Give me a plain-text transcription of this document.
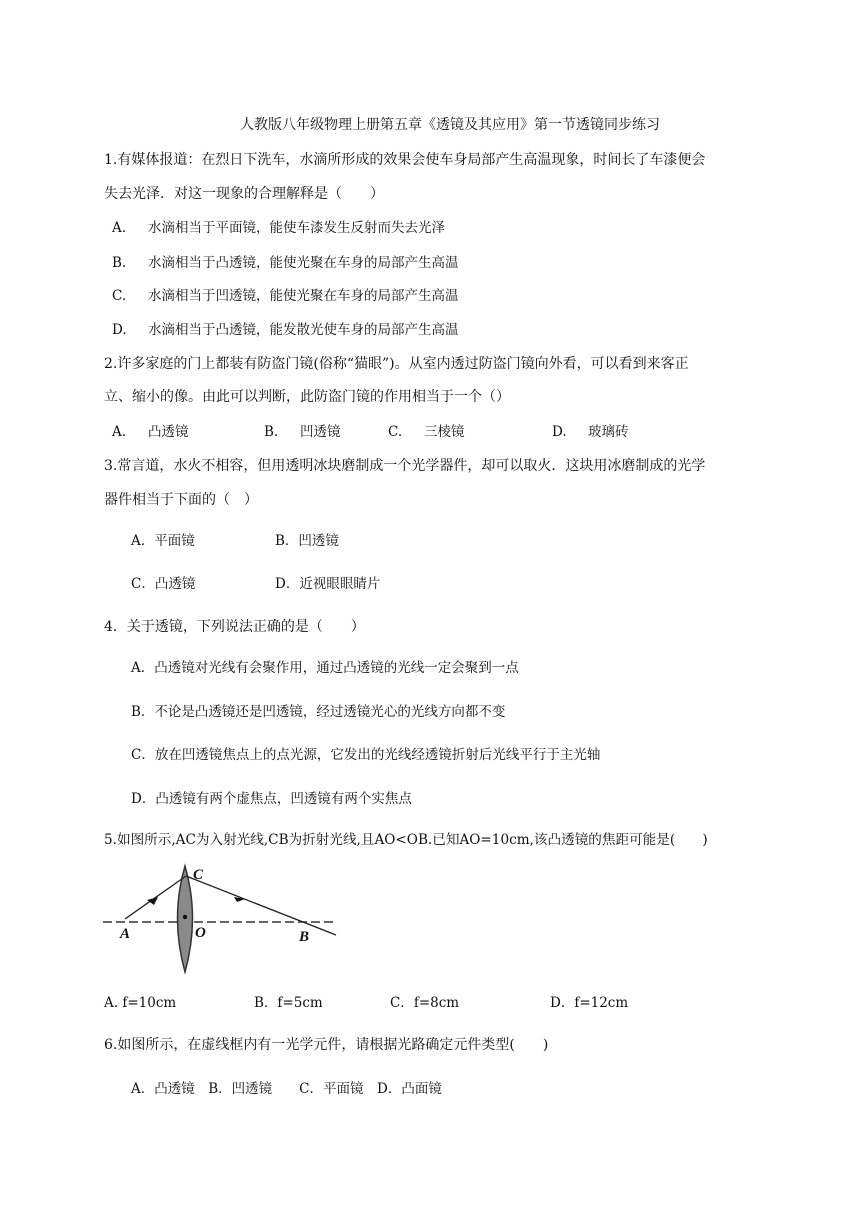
人教版八年级物理上册第五章《透镜及其应用》第一节透镜同步练习
1.有媒体报道：在烈日下洗车，水滴所形成的效果会使车身局部产生高温现象，时间长了车漆便会
失去光泽．对这一现象的合理解释是（　　）
A. 水滴相当于平面镜，能使车漆发生反射而失去光泽
B. 水滴相当于凸透镜，能使光聚在车身的局部产生高温
C. 水滴相当于凹透镜，能使光聚在车身的局部产生高温
D. 水滴相当于凸透镜，能发散光使车身的局部产生高温
2.许多家庭的门上都装有防盗门镜(俗称“猫眼”)。从室内透过防盗门镜向外看，可以看到来客正
立、缩小的像。由此可以判断，此防盗门镜的作用相当于一个（）
A. 凸透镜	B. 凹透镜	C. 三棱镜	D. 玻璃砖
3.常言道，水火不相容，但用透明冰块磨制成一个光学器件，却可以取火．这块用冰磨制成的光学
器件相当于下面的（　）
A．平面镜	B．凹透镜
C．凸透镜	D．近视眼眼睛片
4．关于透镜，下列说法正确的是（　　）
A．凸透镜对光线有会聚作用，通过凸透镜的光线一定会聚到一点
B．不论是凸透镜还是凹透镜，经过透镜光心的光线方向都不变
C．放在凹透镜焦点上的点光源，它发出的光线经透镜折射后光线平行于主光轴
D．凸透镜有两个虚焦点，凹透镜有两个实焦点
5.如图所示,AC为入射光线,CB为折射光线,且AO<OB.已知AO=10cm,该凸透镜的焦距可能是(　　)
A	O
C
B
A. f=10cm	B．f=5cm	C．f=8cm	D．f=12cm
6.如图所示，在虚线框内有一光学元件，请根据光路确定元件类型(　　)
A．凸透镜　B．凹透镜　　C．平面镜　D．凸面镜
